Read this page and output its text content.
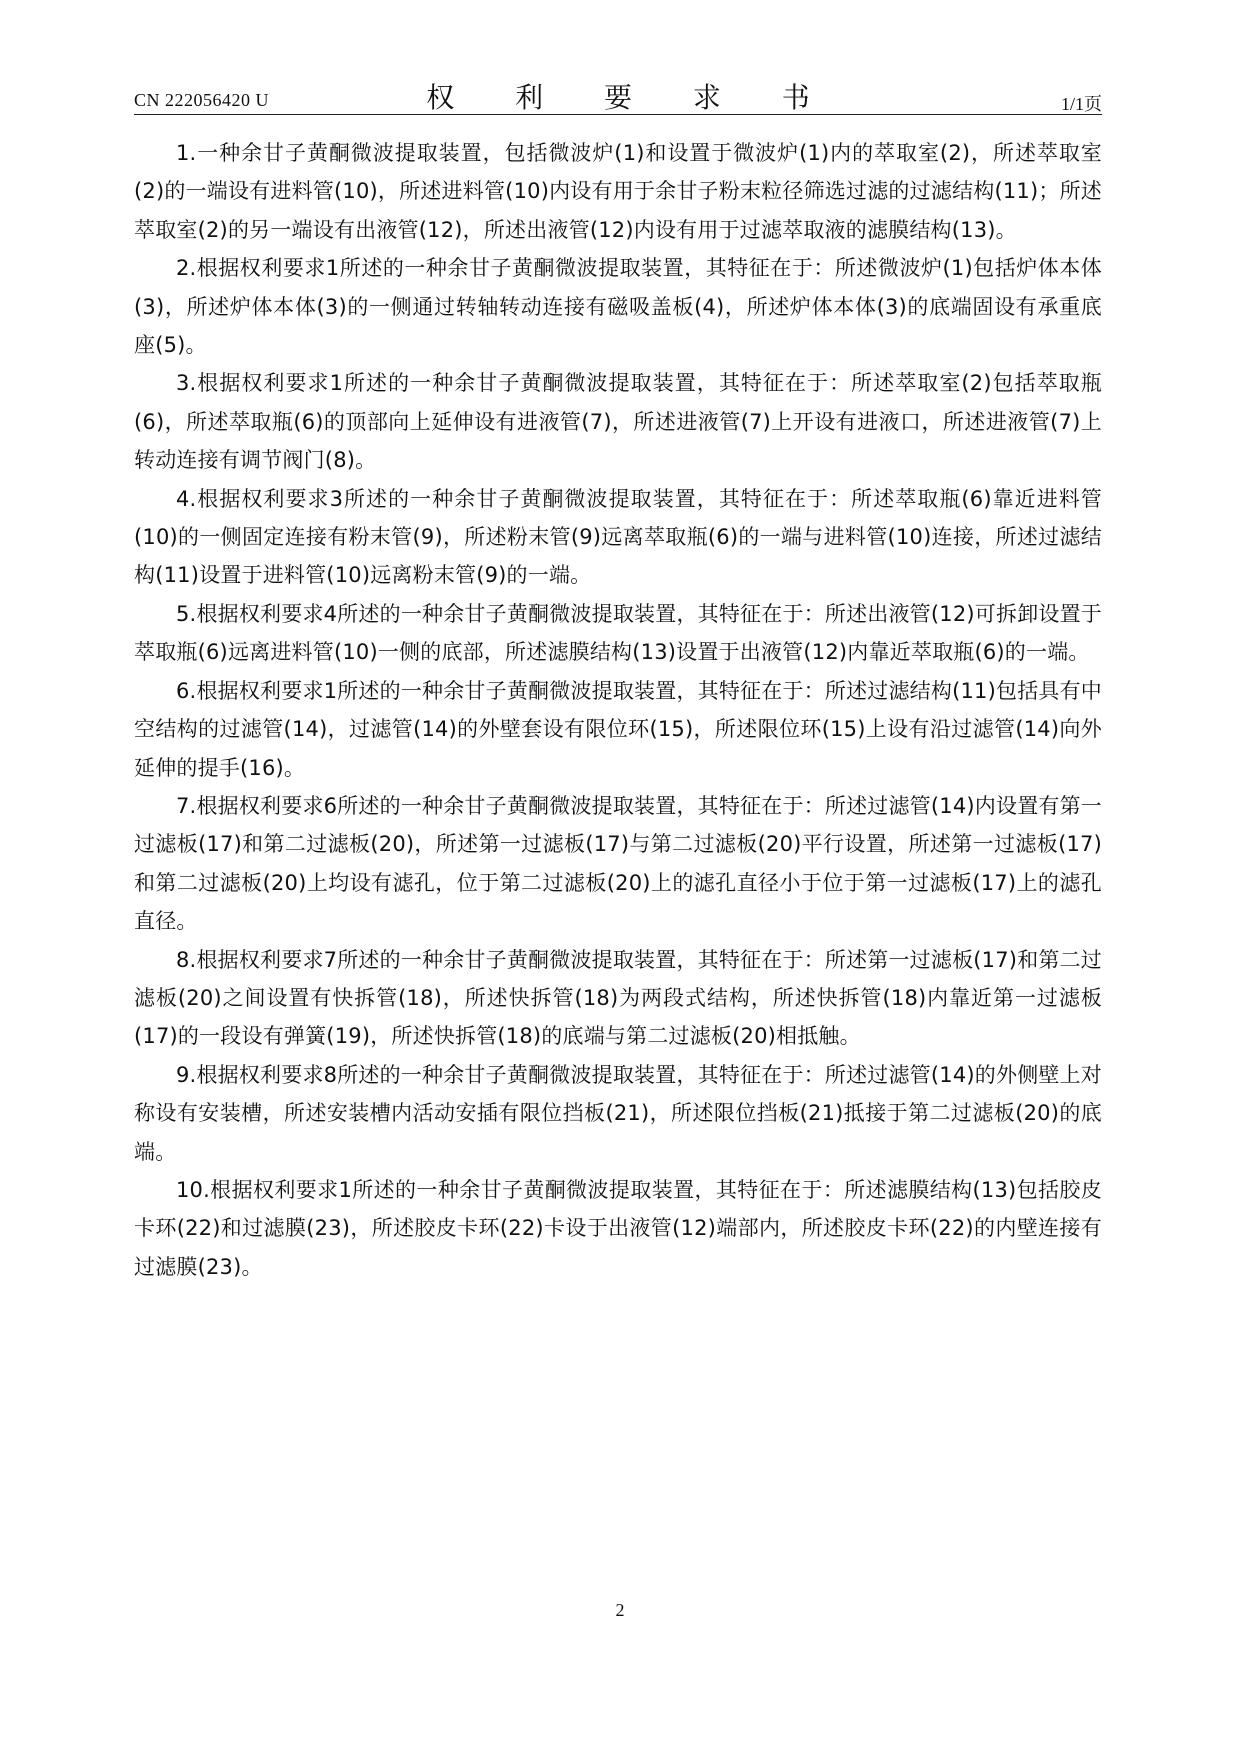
CN 222056420 U	权 利 要 求 书	1/1页

1.一种余甘子黄酮微波提取装置，包括微波炉(1)和设置于微波炉(1)内的萃取室(2)，所述萃取室(2)的一端设有进料管(10)，所述进料管(10)内设有用于余甘子粉末粒径筛选过滤的过滤结构(11)；所述萃取室(2)的另一端设有出液管(12)，所述出液管(12)内设有用于过滤萃取液的滤膜结构(13)。

2.根据权利要求1所述的一种余甘子黄酮微波提取装置，其特征在于：所述微波炉(1)包括炉体本体(3)，所述炉体本体(3)的一侧通过转轴转动连接有磁吸盖板(4)，所述炉体本体(3)的底端固设有承重底座(5)。

3.根据权利要求1所述的一种余甘子黄酮微波提取装置，其特征在于：所述萃取室(2)包括萃取瓶(6)，所述萃取瓶(6)的顶部向上延伸设有进液管(7)，所述进液管(7)上开设有进液口，所述进液管(7)上转动连接有调节阀门(8)。

4.根据权利要求3所述的一种余甘子黄酮微波提取装置，其特征在于：所述萃取瓶(6)靠近进料管(10)的一侧固定连接有粉末管(9)，所述粉末管(9)远离萃取瓶(6)的一端与进料管(10)连接，所述过滤结构(11)设置于进料管(10)远离粉末管(9)的一端。

5.根据权利要求4所述的一种余甘子黄酮微波提取装置，其特征在于：所述出液管(12)可拆卸设置于萃取瓶(6)远离进料管(10)一侧的底部，所述滤膜结构(13)设置于出液管(12)内靠近萃取瓶(6)的一端。

6.根据权利要求1所述的一种余甘子黄酮微波提取装置，其特征在于：所述过滤结构(11)包括具有中空结构的过滤管(14)，过滤管(14)的外壁套设有限位环(15)，所述限位环(15)上设有沿过滤管(14)向外延伸的提手(16)。

7.根据权利要求6所述的一种余甘子黄酮微波提取装置，其特征在于：所述过滤管(14)内设置有第一过滤板(17)和第二过滤板(20)，所述第一过滤板(17)与第二过滤板(20)平行设置，所述第一过滤板(17)和第二过滤板(20)上均设有滤孔，位于第二过滤板(20)上的滤孔直径小于位于第一过滤板(17)上的滤孔直径。

8.根据权利要求7所述的一种余甘子黄酮微波提取装置，其特征在于：所述第一过滤板(17)和第二过滤板(20)之间设置有快拆管(18)，所述快拆管(18)为两段式结构，所述快拆管(18)内靠近第一过滤板(17)的一段设有弹簧(19)，所述快拆管(18)的底端与第二过滤板(20)相抵触。

9.根据权利要求8所述的一种余甘子黄酮微波提取装置，其特征在于：所述过滤管(14)的外侧壁上对称设有安装槽，所述安装槽内活动安插有限位挡板(21)，所述限位挡板(21)抵接于第二过滤板(20)的底端。

10.根据权利要求1所述的一种余甘子黄酮微波提取装置，其特征在于：所述滤膜结构(13)包括胶皮卡环(22)和过滤膜(23)，所述胶皮卡环(22)卡设于出液管(12)端部内，所述胶皮卡环(22)的内壁连接有过滤膜(23)。

2
